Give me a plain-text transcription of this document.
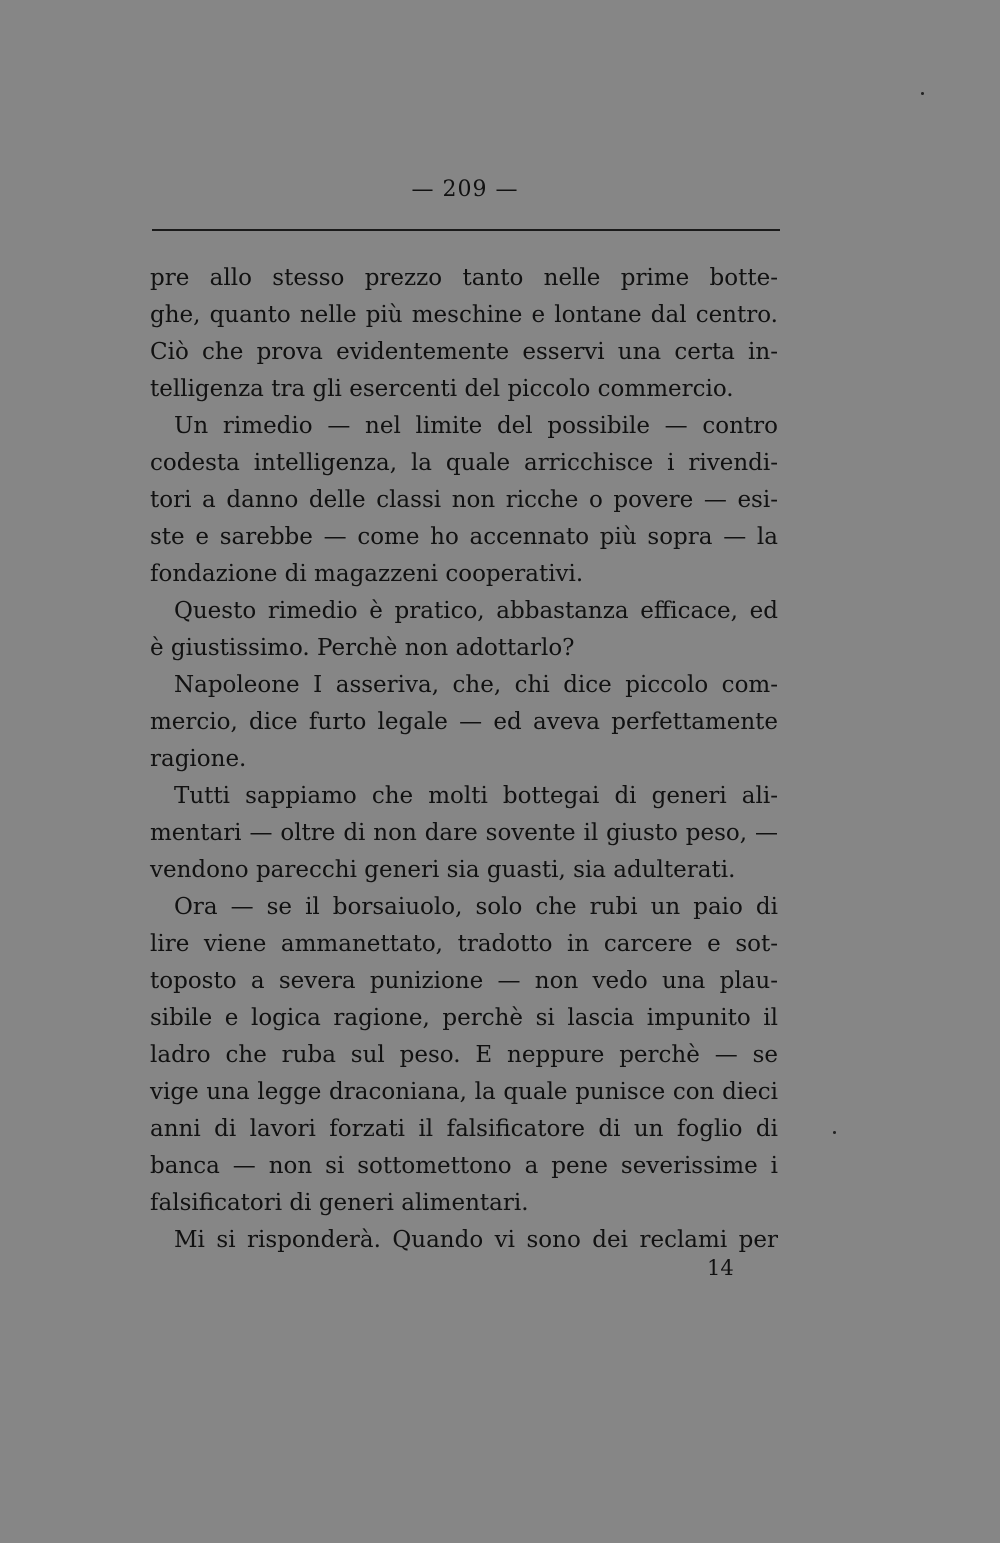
— 209 —
pre allo stesso prezzo tanto nelle prime botte-
ghe, quanto nelle più meschine e lontane dal centro.
Ciò che prova evidentemente esservi una certa in-
telligenza tra gli esercenti del piccolo commercio.
Un rimedio — nel limite del possibile — contro
codesta intelligenza, la quale arricchisce i rivendi-
tori a danno delle classi non ricche o povere — esi-
ste e sarebbe — come ho accennato più sopra — la
fondazione di magazzeni cooperativi.
Questo rimedio è pratico, abbastanza efficace, ed
è giustissimo. Perchè non adottarlo?
Napoleone I asseriva, che, chi dice piccolo com-
mercio, dice furto legale — ed aveva perfettamente
ragione.
Tutti sappiamo che molti bottegai di generi ali-
mentari — oltre di non dare sovente il giusto peso, —
vendono parecchi generi sia guasti, sia adulterati.
Ora — se il borsaiuolo, solo che rubi un paio di
lire viene ammanettato, tradotto in carcere e sot-
toposto a severa punizione — non vedo una plau-
sibile e logica ragione, perchè si lascia impunito il
ladro che ruba sul peso. E neppure perchè — se
vige una legge draconiana, la quale punisce con dieci
anni di lavori forzati il falsificatore di un foglio di
banca — non si sottomettono a pene severissime i
falsificatori di generi alimentari.
Mi si risponderà. Quando vi sono dei reclami per
14
